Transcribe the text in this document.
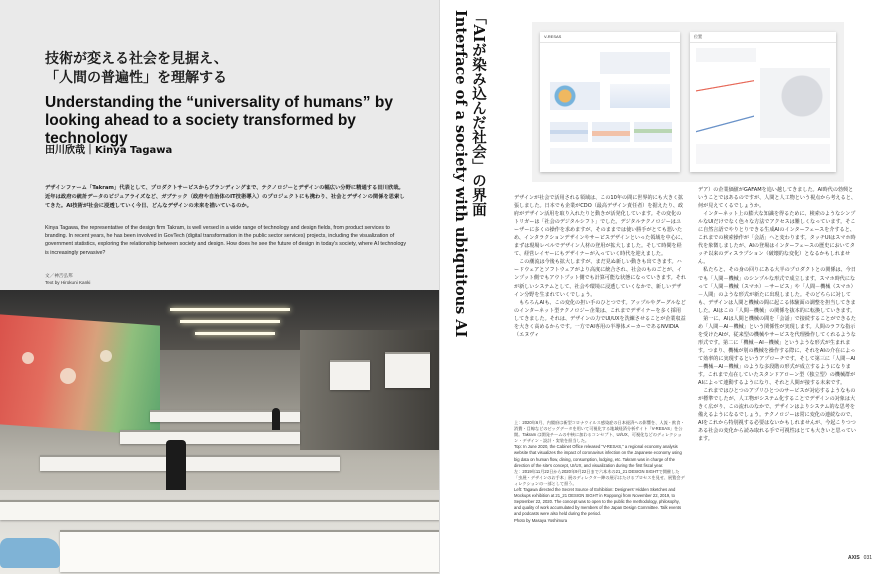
技術が変える社会を見据え、
「人間の普遍性」を理解する
Understanding the “universality of humans” by looking ahead to a society transformed by technology
田川欣哉｜Kinya Tagawa
デザインファーム「Takram」代表として、プロダクトサービスからブランディングまで、テクノロジーとデザインの幅広い分野に精通する田川欣哉。近年は政府の統計データのビジュアライズなど、ガブテック（政府や自治体のIT技術導入）のプロジェクトにも携わり、社会とデザインの関係を思索してきた。AI技術が社会に浸透していく今日、どんなデザインの未来を描いているのか。
Kinya Tagawa, the representative of the design firm Takram, is well versed in a wide range of technology and design fields, from product services to branding. In recent years, he has been involved in GovTech (digital transformation in the public sector services) projects, including the visualization of government statistics, exploring the relationship between society and design. How does he see the future of design in today's society, where AI technology is increasingly pervasive?
文／神吉弘邦
Text by Hirokuni Kanki
V-RESAS	位置
「AIが染み込んだ社会」の界面
Interface of a society with ubiquitous AI
デザインが社会で活用される領域は、この10年の間に世界的にも大きく拡張しました。日本でも企業がCDO（最高デザイン責任者）を据えたり、政府がデザイン活用を取り入れたりと動きが活発化しています。その変化のトリガーは「社会のデジタルシフト」でした。デジタルテクノロジーはユーザーに多くの操作を求めますが、そのままでは使い勝手がとても悪いため、インタラクションデザインやサービスデザインといった領域を中心に、まずは現場レベルでデザイン人材の登用が拡大しました。そして時間を経て、経営レイヤーにもデザイナーが入っていく時代を迎えました。
　この潮流は今後も拡大しますが、まだ見ぬ新しい動きも出てきます。ハードウェアとソフトウェアがより高度に統合され、社会のものごとが、インプット側でもアウトプット側でも計算可能な状態になっていきます。それが新しいシステムとして、社会や環境に浸透していくなかで、新しいデザイン分野を生まれていくでしょう。
　もちろんAIも、この変化の担い手のひとつです。アップルやグーグルなどのインターネット型テクノロジー企業は、これまでデザイナーを多く採用してきました。それは、デザインの力でUI/UXを洗練させることが企業収益を大きく高めるからです。一方でAI専用の半導体メーカーであるNVIDIA（エヌヴィ
上：2020年6月、内閣府は新型コロナウイルス感染症の日本経済への影響を、人流・飲食・消費・目線などのビッグデータを用いて可視化する地域経済分析サイト「V-RESAS」を公開。Takram は開発チームの中核に加わるコンセプト、UI/UX、可視化などのディレクション・デザイン・設計・実装を担当した。
Top: In June 2020, the Cabinet Office released "V-RESAS," a regional economy analysis website that visualizes the impact of coronavirus infection on the Japanese economy using big data on human flow, dining, consumption, lodging, etc. Takram was in charge of the direction of the site's concept, UI/UX, and visualization during the first fiscal year.
左：2019年11月22日から2020年9月22日まで六本木の21_21 DESIGN SIGHTで開催した「虫展・デザインのお手本」展のディレクター陣の展示はたけるプロセスを見せ、展覧会ディレクションの一部として担う。
Left: Tagawa directed the Secret Source of Exhibition: Designers' Hidden Sketches and Mockups exhibition at 21_21 DESIGN SIGHT in Roppongi from November 22, 2019, to September 22, 2020. The concept was to open to the public the methodology, philosophy, and quality of work accumulated by members of the Japan Design Committee. Talk events and podcasts were also held during the period.
Photo by Masaya Yoshimura
デア）の企業価値がGAFAMを追い越してきました。AI時代の勃興ということではあるのですが、人間と人工物という視点から考えると、何が見えてくるでしょうか。
　インターネット上の膨大な知識を得るために、検索のようなシンプルなUIだけでなく色々な方法でアクセスは難しくなっています。そこに自然言語でやりとりできる生成AIのインターフェースを介すると、これまでの検索操作が「会話」へと変わります。タッチUIはスマホ時代を象徴しましたが、AIの登場はインターフェースの歴史においてタッチ以来のディスラプション（破壊的な変化）となるかもしれません。
　私たちと、その身の回りにある大半のプロダクトとの関係は、今日でも「人間－機械」のシンプルな形式で成立します。スマホ時代になって「人間－機械（スマホ）－サービス」や「人間－機械（スマホ）－人間」のような形式が新たに出現しました。そのどちらに対しても、デザインは人間と機械の間に起こる体験面の調整を担当してきました。AIはこの「人間－機械」の関係を抜本的に転換していきます。
　第一に、AIは人間と機械の間を「会話」で接続することができるため「人間－AI－機械」という関係性が実現します。人間のラフな指示を受けたAIが、従来型の機械やサービスを代理操作してくれるような形式です。第二に「機械－AI－機械」というような形式が生まれます。つまり、機械が別の機械を操作する際に、それをAIの介在によって効率的に実現するというアプローチです。そして第三に「人間－AI－機械－AI－機械」のような多段階の形式が成立するようになります。これまで点在していたスタンドアローン型（独立型）の機械群がAIによって連動するようになり、それと人間が接する未来です。
　これまではひとつのアプリひとつのサービスが対応するようなものが標準でしたが、人工物がシステム化することでデザインの対象は大きく広がり、この流れのなかで、デザインはよりシステム的な思考を備えるようになるでしょう。テクノロジーは常に変化の連続なので、AIをこれから特別視する必要はないかもしれませんが、今起こりつつある社会の変化から読み取れる手で可視性はとても大きいと思っています。
AXIS 031
